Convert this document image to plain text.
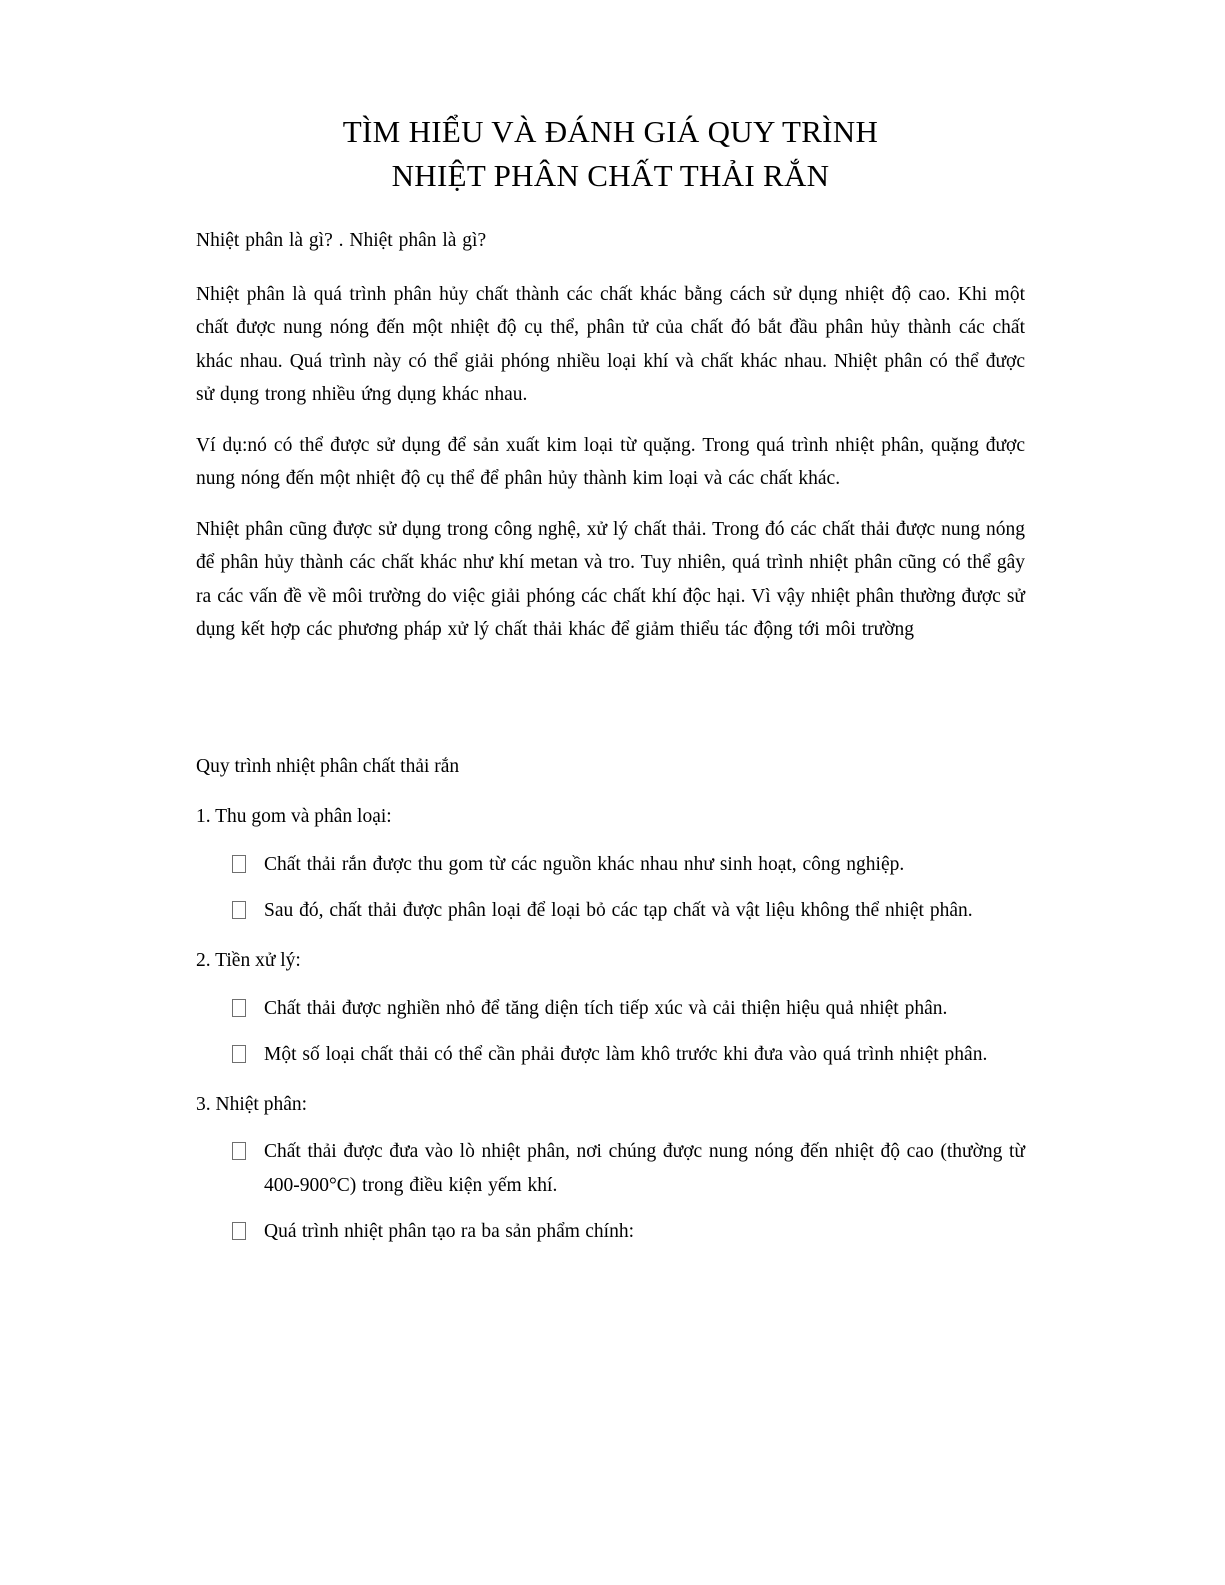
TÌM HIỂU VÀ ĐÁNH GIÁ QUY TRÌNH
NHIỆT PHÂN CHẤT THẢI RẮN

Nhiệt phân là gì? . Nhiệt phân là gì?

Nhiệt phân là quá trình phân hủy chất thành các chất khác bằng cách sử dụng nhiệt độ cao. Khi một chất được nung nóng đến một nhiệt độ cụ thể, phân tử của chất đó bắt đầu phân hủy thành các chất khác nhau. Quá trình này có thể giải phóng nhiều loại khí và chất khác nhau. Nhiệt phân có thể được sử dụng trong nhiều ứng dụng khác nhau.

Ví dụ:nó có thể được sử dụng để sản xuất kim loại từ quặng. Trong quá trình nhiệt phân, quặng được nung nóng đến một nhiệt độ cụ thể để phân hủy thành kim loại và các chất khác.

Nhiệt phân cũng được sử dụng trong công nghệ, xử lý chất thải. Trong đó các chất thải được nung nóng để phân hủy thành các chất khác như khí metan và tro. Tuy nhiên, quá trình nhiệt phân cũng có thể gây ra các vấn đề về môi trường do việc giải phóng các chất khí độc hại. Vì vậy nhiệt phân thường được sử dụng kết hợp các phương pháp xử lý chất thải khác để giảm thiểu tác động tới môi trường

Quy trình nhiệt phân chất thải rắn

1. Thu gom và phân loại:

Chất thải rắn được thu gom từ các nguồn khác nhau như sinh hoạt, công nghiệp.
Sau đó, chất thải được phân loại để loại bỏ các tạp chất và vật liệu không thể nhiệt phân.

2. Tiền xử lý:

Chất thải được nghiền nhỏ để tăng diện tích tiếp xúc và cải thiện hiệu quả nhiệt phân.
Một số loại chất thải có thể cần phải được làm khô trước khi đưa vào quá trình nhiệt phân.

3. Nhiệt phân:

Chất thải được đưa vào lò nhiệt phân, nơi chúng được nung nóng đến nhiệt độ cao (thường từ 400-900°C) trong điều kiện yếm khí.
Quá trình nhiệt phân tạo ra ba sản phẩm chính:
